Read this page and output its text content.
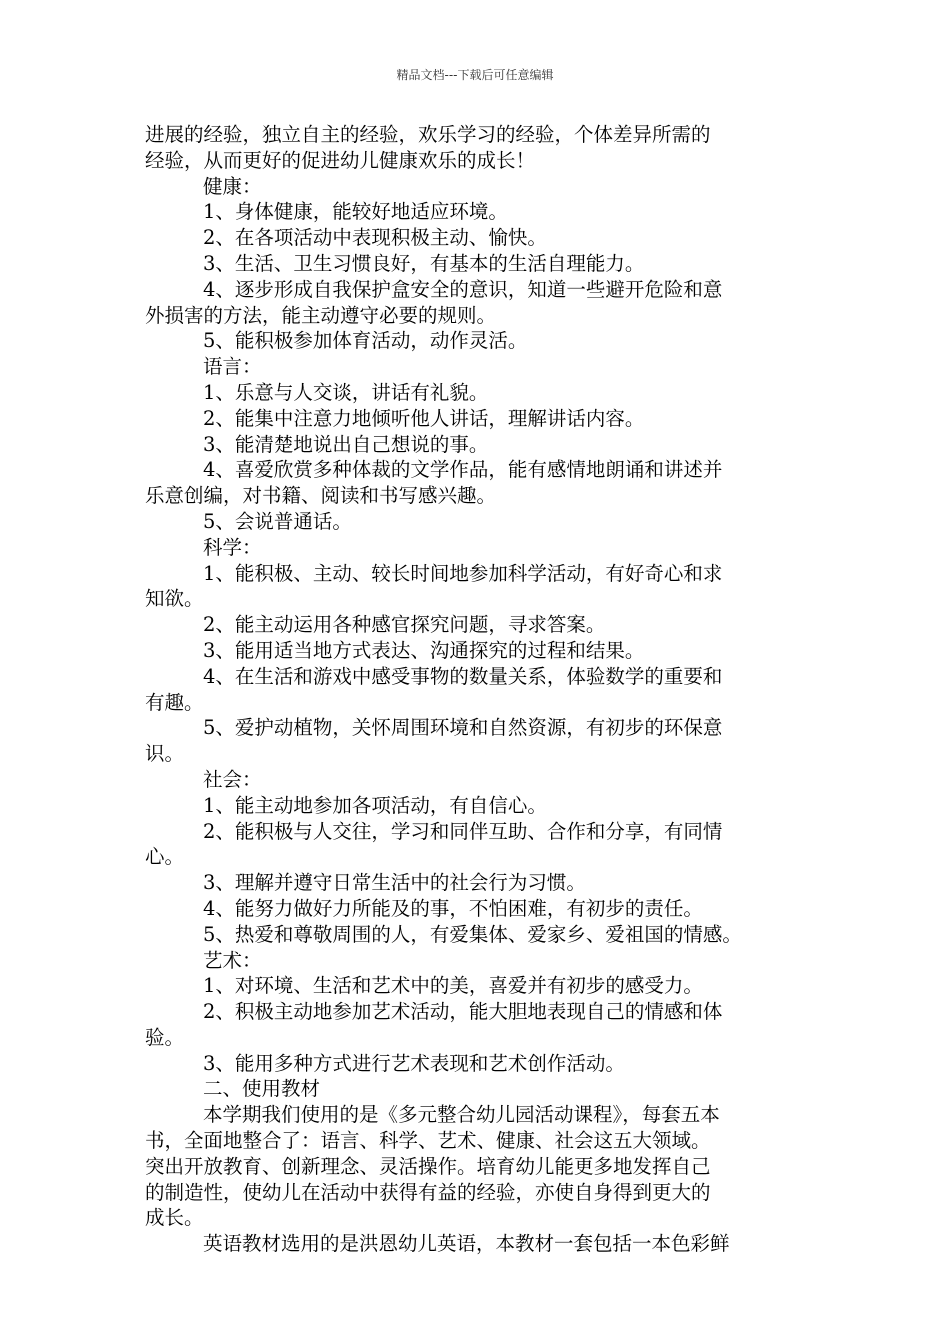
精品文档---下载后可任意编辑
进展的经验，独立自主的经验，欢乐学习的经验，个体差异所需的
经验，从而更好的促进幼儿健康欢乐的成长！
健康：
1、身体健康，能较好地适应环境。
2、在各项活动中表现积极主动、愉快。
3、生活、卫生习惯良好，有基本的生活自理能力。
4、逐步形成自我保护盒安全的意识，知道一些避开危险和意
外损害的方法，能主动遵守必要的规则。
5、能积极参加体育活动，动作灵活。
语言：
1、乐意与人交谈，讲话有礼貌。
2、能集中注意力地倾听他人讲话，理解讲话内容。
3、能清楚地说出自己想说的事。
4、喜爱欣赏多种体裁的文学作品，能有感情地朗诵和讲述并
乐意创编，对书籍、阅读和书写感兴趣。
5、会说普通话。
科学：
1、能积极、主动、较长时间地参加科学活动，有好奇心和求
知欲。
2、能主动运用各种感官探究问题，寻求答案。
3、能用适当地方式表达、沟通探究的过程和结果。
4、在生活和游戏中感受事物的数量关系，体验数学的重要和
有趣。
5、爱护动植物，关怀周围环境和自然资源，有初步的环保意
识。
社会：
1、能主动地参加各项活动，有自信心。
2、能积极与人交往，学习和同伴互助、合作和分享，有同情
心。
3、理解并遵守日常生活中的社会行为习惯。
4、能努力做好力所能及的事，不怕困难，有初步的责任。
5、热爱和尊敬周围的人，有爱集体、爱家乡、爱祖国的情感。
艺术：
1、对环境、生活和艺术中的美，喜爱并有初步的感受力。
2、积极主动地参加艺术活动，能大胆地表现自己的情感和体
验。
3、能用多种方式进行艺术表现和艺术创作活动。
二、使用教材
本学期我们使用的是《多元整合幼儿园活动课程》，每套五本
书，全面地整合了：语言、科学、艺术、健康、社会这五大领域。
突出开放教育、创新理念、灵活操作。培育幼儿能更多地发挥自己
的制造性，使幼儿在活动中获得有益的经验，亦使自身得到更大的
成长。
英语教材选用的是洪恩幼儿英语，本教材一套包括一本色彩鲜
